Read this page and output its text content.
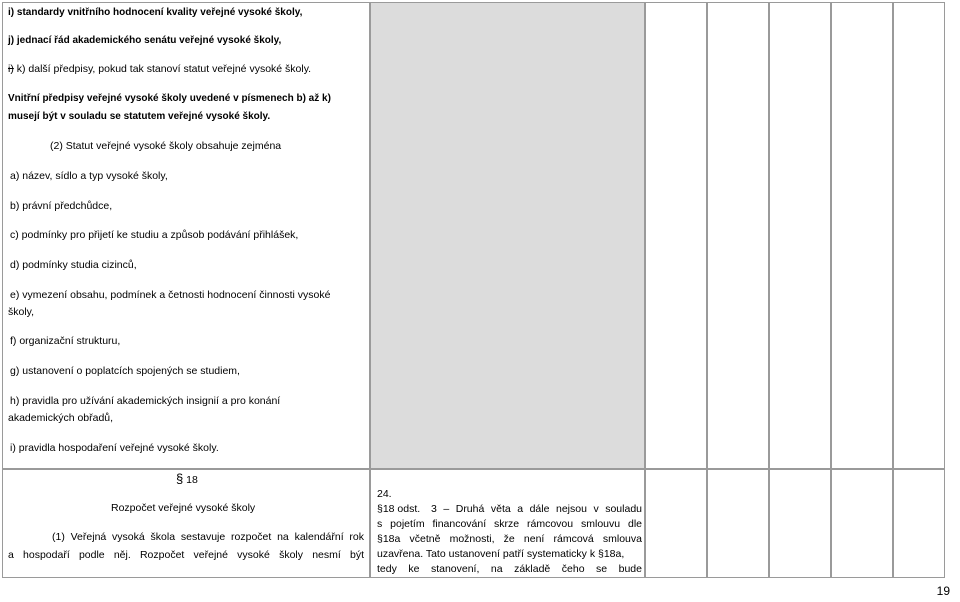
i) standardy vnitřního hodnocení kvality veřejné vysoké školy,
j) jednací řád akademického senátu veřejné vysoké školy,
i) k) další předpisy, pokud tak stanoví statut veřejné vysoké školy.
Vnitřní předpisy veřejné vysoké školy uvedené v písmenech b) až k)
musejí být v souladu se statutem veřejné vysoké školy.
(2) Statut veřejné vysoké školy obsahuje zejména
a) název, sídlo a typ vysoké školy,
b) právní předchůdce,
c) podmínky pro přijetí ke studiu a způsob podávání přihlášek,
d) podmínky studia cizinců,
e) vymezení obsahu, podmínek a četnosti hodnocení činnosti vysoké
školy,
f) organizační strukturu,
g) ustanovení o poplatcích spojených se studiem,
h) pravidla pro užívání akademických insignií a pro konání
akademických obřadů,
i) pravidla hospodaření veřejné vysoké školy.
§ 18
Rozpočet veřejné vysoké školy
(1) Veřejná vysoká škola sestavuje rozpočet na kalendářní rok
a hospodaří podle něj. Rozpočet veřejné vysoké školy nesmí být
24.
§18 odst. 3 – Druhá věta a dále nejsou v souladu
s pojetím financování skrze rámcovou smlouvu dle
§18a včetně možnosti, že není rámcová smlouva
uzavřena. Tato ustanovení patří systematicky k §18a,
tedy ke stanovení, na základě čeho se bude
19
